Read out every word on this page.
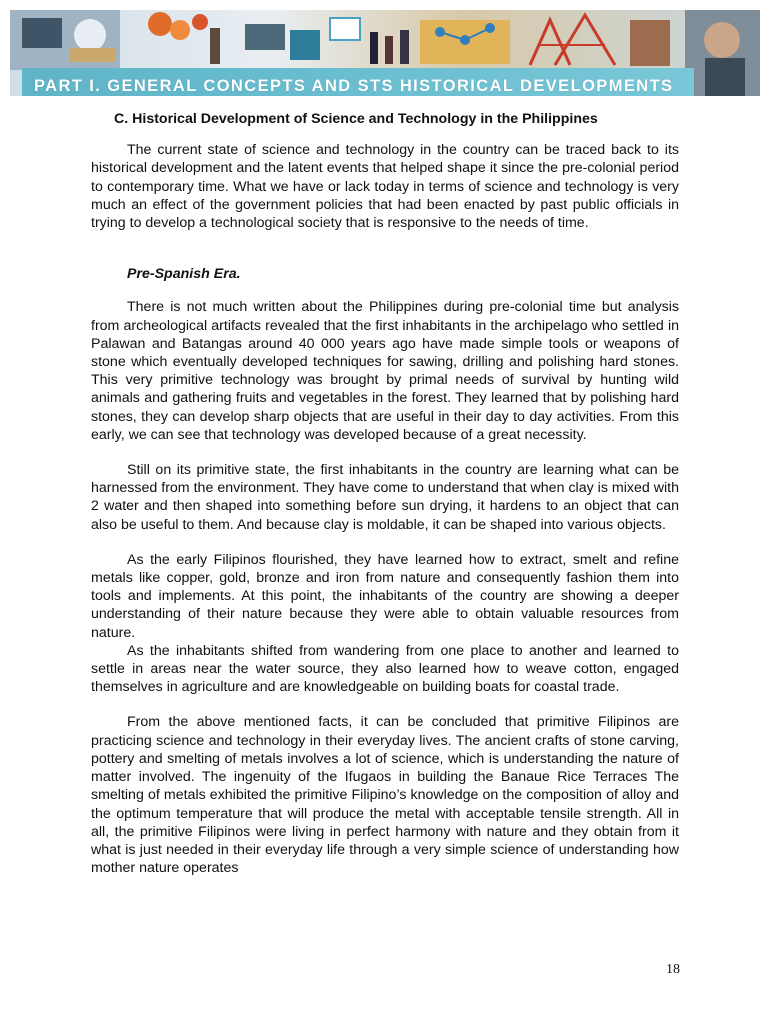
PART I. GENERAL CONCEPTS AND STS HISTORICAL DEVELOPMENTS
C. Historical Development of Science and Technology in the Philippines

The current state of science and technology in the country can be traced back to its historical development and the latent events that helped shape it since the pre-colonial period to contemporary time. What we have or lack today in terms of science and technology is very much an effect of the government policies that had been enacted by past public officials in trying to develop a technological society that is responsive to the needs of time.

Pre-Spanish Era.

There is not much written about the Philippines during pre-colonial time but analysis from archeological artifacts revealed that the first inhabitants in the archipelago who settled in Palawan and Batangas around 40 000 years ago have made simple tools or weapons of stone which eventually developed techniques for sawing, drilling and polishing hard stones. This very primitive technology was brought by primal needs of survival by hunting wild animals and gathering fruits and vegetables in the forest. They learned that by polishing hard stones, they can develop sharp objects that are useful in their day to day activities. From this early, we can see that technology was developed because of a great necessity.

Still on its primitive state, the first inhabitants in the country are learning what can be harnessed from the environment. They have come to understand that when clay is mixed with 2 water and then shaped into something before sun drying, it hardens to an object that can also be useful to them. And because clay is moldable, it can be shaped into various objects.

As the early Filipinos flourished, they have learned how to extract, smelt and refine metals like copper, gold, bronze and iron from nature and consequently fashion them into tools and implements. At this point, the inhabitants of the country are showing a deeper understanding of their nature because they were able to obtain valuable resources from nature.

As the inhabitants shifted from wandering from one place to another and learned to settle in areas near the water source, they also learned how to weave cotton, engaged themselves in agriculture and are knowledgeable on building boats for coastal trade.

From the above mentioned facts, it can be concluded that primitive Filipinos are practicing science and technology in their everyday lives. The ancient crafts of stone carving, pottery and smelting of metals involves a lot of science, which is understanding the nature of matter involved. The ingenuity of the Ifugaos in building the Banaue Rice Terraces The smelting of metals exhibited the primitive Filipino’s knowledge on the composition of alloy and the optimum temperature that will produce the metal with acceptable tensile strength. All in all, the primitive Filipinos were living in perfect harmony with nature and they obtain from it what is just needed in their everyday life through a very simple science of understanding how mother nature operates

18
